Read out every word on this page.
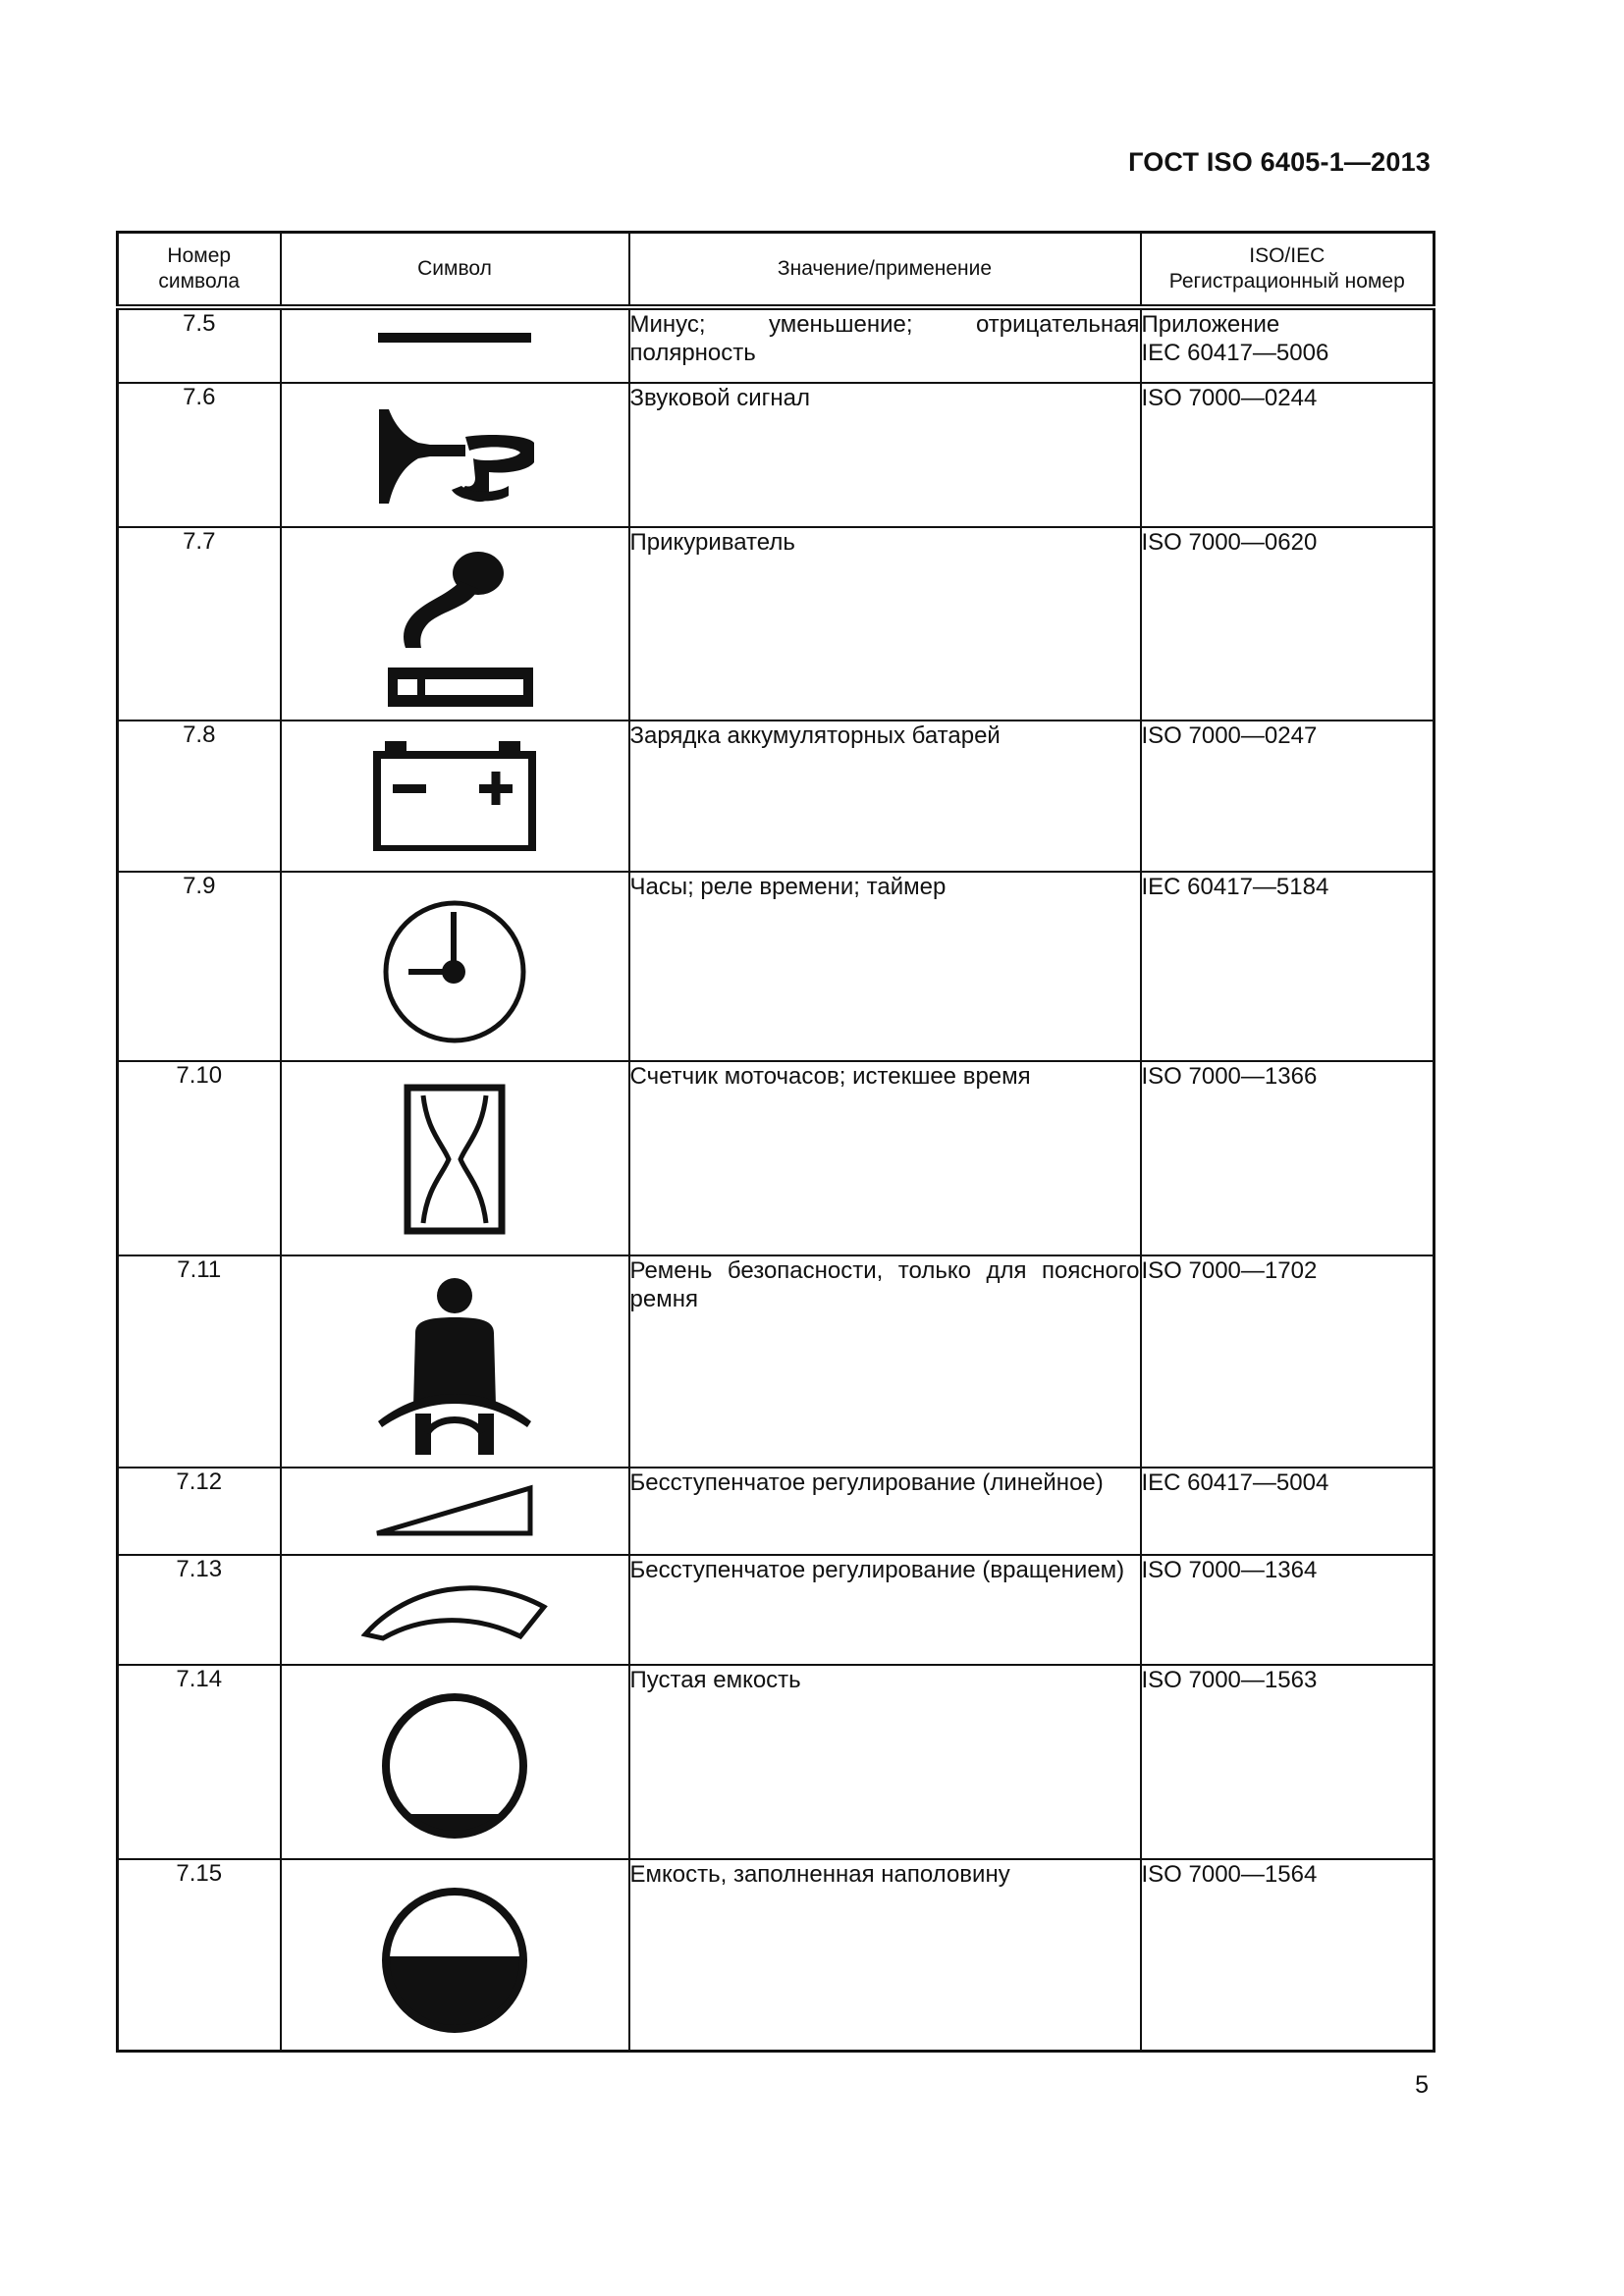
ГОСТ ISO 6405-1—2013
Номер
символа	Символ	Значение/применение	ISO/IEC
Регистрационный номер

7.5		Минус; уменьшение; отрицательная полярность	Приложение
IEC 60417—5006

7.6		Звуковой сигнал	ISO 7000—0244

7.7		Прикуриватель	ISO 7000—0620

7.8		Зарядка аккумуляторных батарей	ISO 7000—0247

7.9		Часы; реле времени; таймер	IEC 60417—5184

7.10		Счетчик моточасов; истекшее время	ISO 7000—1366

7.11		Ремень безопасности, только для поясного ремня	ISO 7000—1702

7.12		Бесступенчатое регулирование (линейное)	IEC 60417—5004

7.13		Бесступенчатое регулирование (вращением)	ISO 7000—1364

7.14		Пустая емкость	ISO 7000—1563

7.15		Емкость, заполненная наполовину	ISO 7000—1564
5
